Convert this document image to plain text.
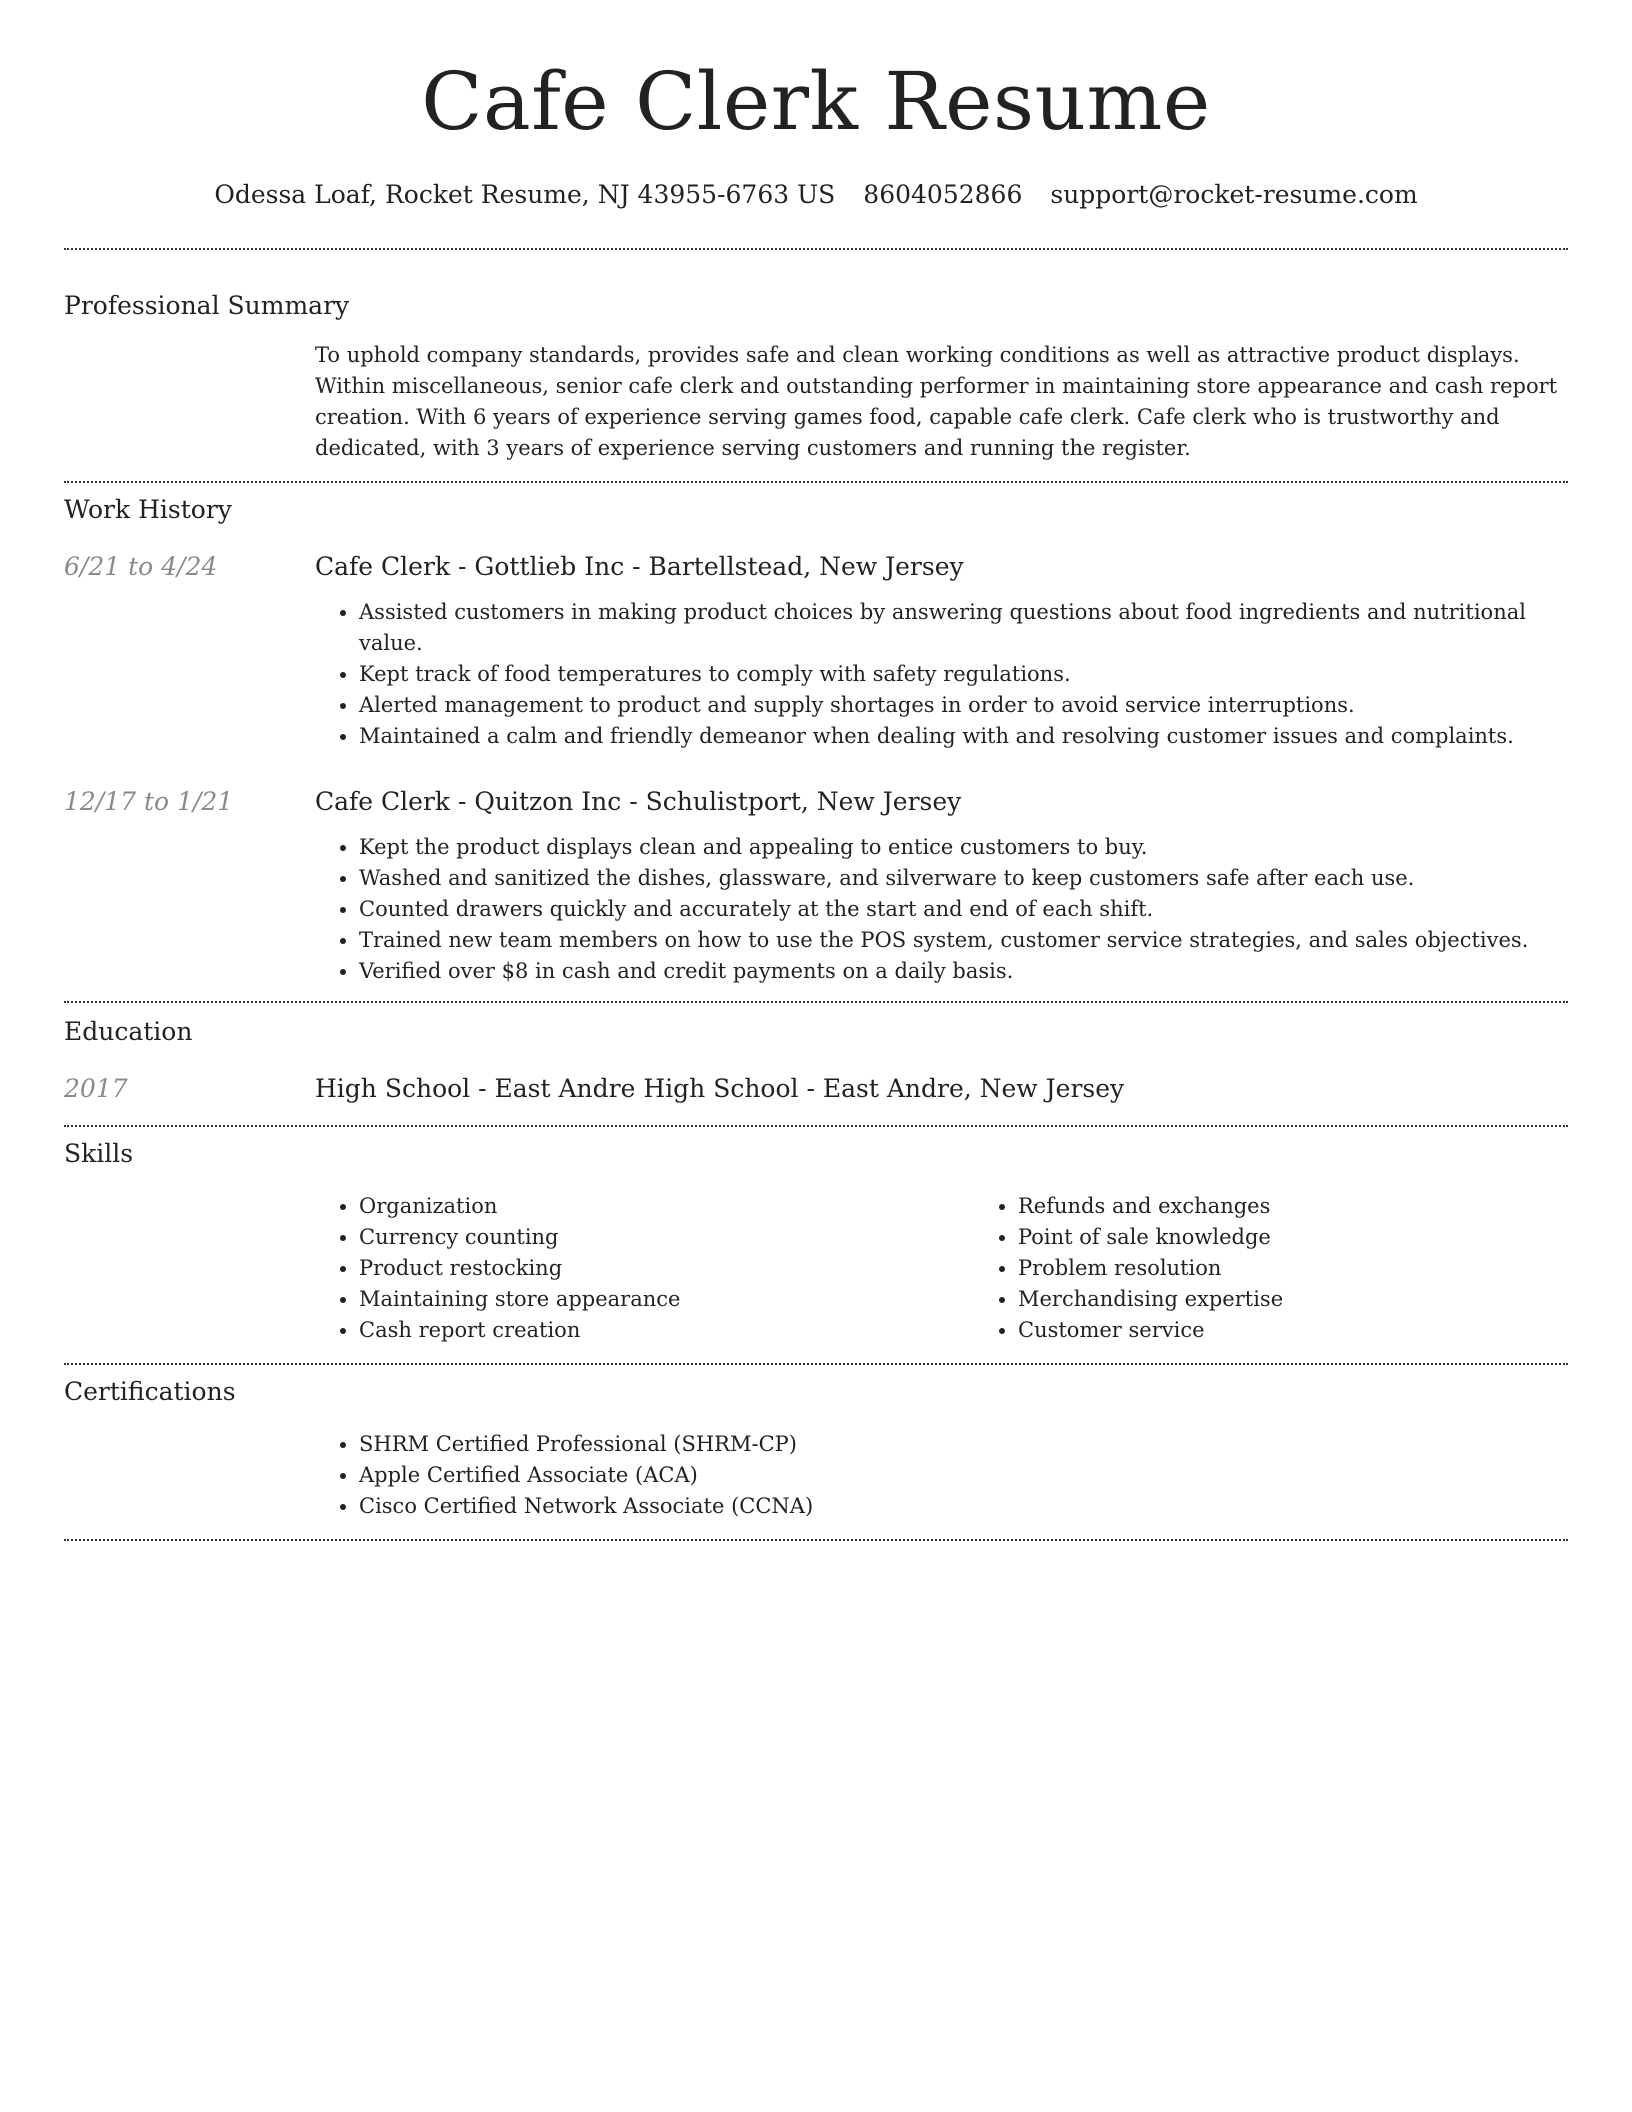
Cafe Clerk Resume
Odessa Loaf, Rocket Resume, NJ 43955-6763 US 8604052866 support@rocket-resume.com
Professional Summary

To uphold company standards, provides safe and clean working conditions as well as attractive product displays. Within miscellaneous, senior cafe clerk and outstanding performer in maintaining store appearance and cash report creation. With 6 years of experience serving games food, capable cafe clerk. Cafe clerk who is trustworthy and dedicated, with 3 years of experience serving customers and running the register.

Work History
6/21 to 4/24	Cafe Clerk - Gottlieb Inc - Bartellstead, New Jersey
• Assisted customers in making product choices by answering questions about food ingredients and nutritional value.
• Kept track of food temperatures to comply with safety regulations.
• Alerted management to product and supply shortages in order to avoid service interruptions.
• Maintained a calm and friendly demeanor when dealing with and resolving customer issues and complaints.
12/17 to 1/21	Cafe Clerk - Quitzon Inc - Schulistport, New Jersey
• Kept the product displays clean and appealing to entice customers to buy.
• Washed and sanitized the dishes, glassware, and silverware to keep customers safe after each use.
• Counted drawers quickly and accurately at the start and end of each shift.
• Trained new team members on how to use the POS system, customer service strategies, and sales objectives.
• Verified over $8 in cash and credit payments on a daily basis.
Education
2017	High School - East Andre High School - East Andre, New Jersey
Skills
• Organization
• Currency counting
• Product restocking
• Maintaining store appearance
• Cash report creation
• Refunds and exchanges
• Point of sale knowledge
• Problem resolution
• Merchandising expertise
• Customer service
Certifications
• SHRM Certified Professional (SHRM-CP)
• Apple Certified Associate (ACA)
• Cisco Certified Network Associate (CCNA)
